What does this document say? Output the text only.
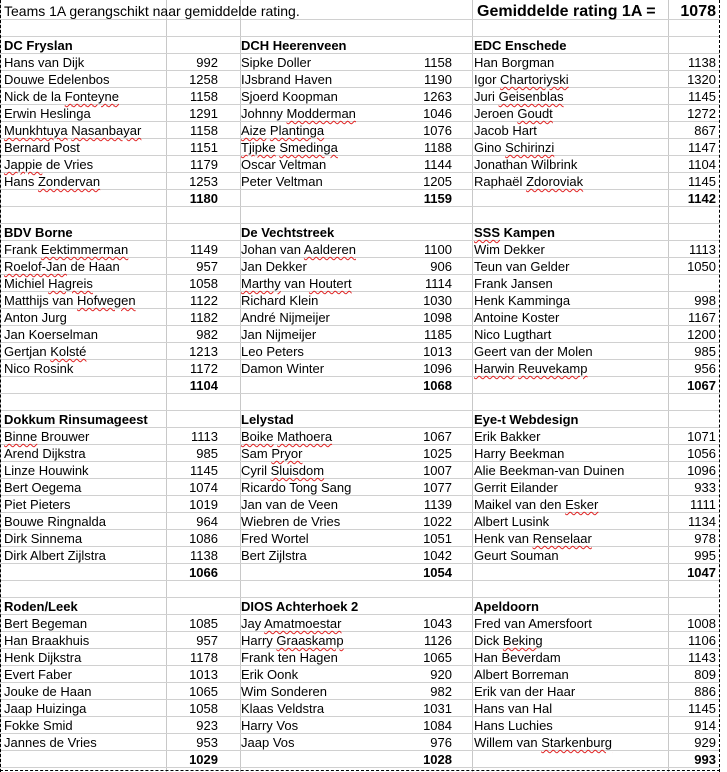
Teams 1A gerangschikt naar gemiddelde rating.	Gemiddelde rating 1A =	1078
DC Fryslan
Hans van Dijk	992
Douwe Edelenbos	1258
Nick de la Fonteyne	1158
Erwin Heslinga	1291
Munkhtuya Nasanbayar	1158
Bernard Post	1151
Jappie de Vries	1179
Hans Zondervan	1253
1180
DCH Heerenveen
Sipke Doller	1158
IJsbrand Haven	1190
Sjoerd Koopman	1263
Johnny Modderman	1046
Aize Plantinga	1076
Tjipke Smedinga	1188
Oscar Veltman	1144
Peter Veltman	1205
1159
EDC Enschede
Han Borgman	1138
Igor Chartoriyski	1320
Juri Geisenblas	1145
Jeroen Goudt	1272
Jacob Hart	867
Gino Schirinzi	1147
Jonathan Wilbrink	1104
Raphaël Zdoroviak	1145
1142
BDV Borne
Frank Eektimmerman	1149
Roelof-Jan de Haan	957
Michiel Hagreis	1058
Matthijs van Hofwegen	1122
Anton Jurg	1182
Jan Koerselman	982
Gertjan Kolsté	1213
Nico Rosink	1172
1104
De Vechtstreek
Johan van Aalderen	1100
Jan Dekker	906
Marthy van Houtert	1114
Richard Klein	1030
André Nijmeijer	1098
Jan Nijmeijer	1185
Leo Peters	1013
Damon Winter	1096
1068
SSS Kampen
Wim Dekker	1113
Teun van Gelder	1050
Frank Jansen
Henk Kamminga	998
Antoine Koster	1167
Nico Lugthart	1200
Geert van der Molen	985
Harwin Reuvekamp	956
1067
Dokkum Rinsumageest
Binne Brouwer	1113
Arend Dijkstra	985
Linze Houwink	1145
Bert Oegema	1074
Piet Pieters	1019
Bouwe Ringnalda	964
Dirk Sinnema	1086
Dirk Albert Zijlstra	1138
1066
Lelystad
Boike Mathoera	1067
Sam Pryor	1025
Cyril Sluisdom	1007
Ricardo Tong Sang	1077
Jan van de Veen	1139
Wiebren de Vries	1022
Fred Wortel	1051
Bert Zijlstra	1042
1054
Eye-t Webdesign
Erik Bakker	1071
Harry Beekman	1056
Alie Beekman-van Duinen	1096
Gerrit Eilander	933
Maikel van den Esker	1111
Albert Lusink	1134
Henk van Renselaar	978
Geurt Souman	995
1047
Roden/Leek
Bert Begeman	1085
Han Braakhuis	957
Henk Dijkstra	1178
Evert Faber	1013
Jouke de Haan	1065
Jaap Huizinga	1058
Fokke Smid	923
Jannes de Vries	953
1029
DIOS Achterhoek 2
Jay Amatmoestar	1043
Harry Graaskamp	1126
Frank ten Hagen	1065
Erik Oonk	920
Wim Sonderen	982
Klaas Veldstra	1031
Harry Vos	1084
Jaap Vos	976
1028
Apeldoorn
Fred van Amersfoort	1008
Dick Beking	1106
Han Beverdam	1143
Albert Borreman	809
Erik van der Haar	886
Hans van Hal	1145
Hans Luchies	914
Willem van Starkenburg	929
993
